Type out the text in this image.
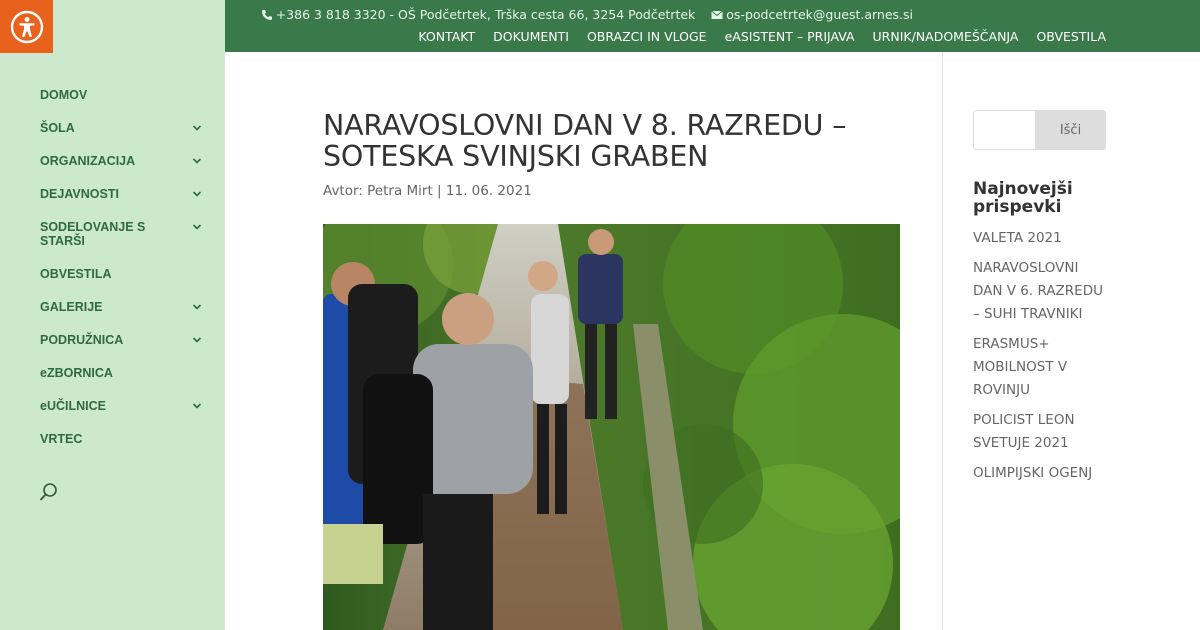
DOMOV
ŠOLA
ORGANIZACIJA
DEJAVNOSTI
SODELOVANJE S STARŠI
OBVESTILA
GALERIJE
PODRUŽNICA
eZBORNICA
eUČILNICE
VRTEC
+386 3 818 3320 - OŠ Podčetrtek, Trška cesta 66, 3254 Podčetrtek os-podcetrtek@guest.arnes.si
KONTAKT DOKUMENTI OBRAZCI IN VLOGE eASISTENT – PRIJAVA URNIK/NADOMEŠČANJA OBVESTILA
NARAVOSLOVNI DAN V 8. RAZREDU – SOTESKA SVINJSKI GRABEN
Avtor: Petra Mirt | 11. 06. 2021
Išči
Najnovejši prispevki
VALETA 2021
NARAVOSLOVNI DAN V 6. RAZREDU – SUHI TRAVNIKI
ERASMUS+ MOBILNOST V ROVINJU
POLICIST LEON SVETUJE 2021
OLIMPIJSKI OGENJ
